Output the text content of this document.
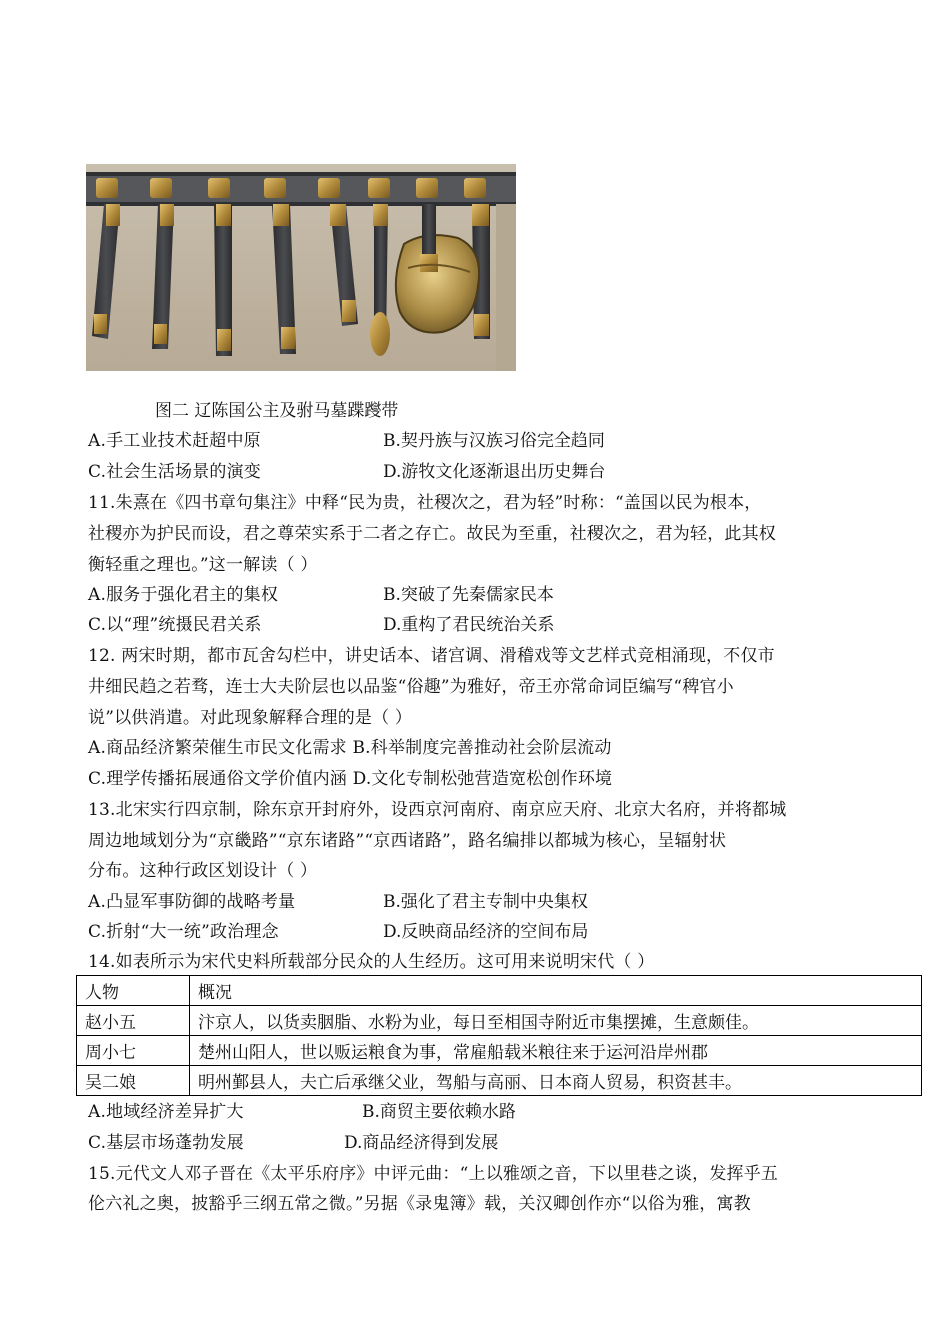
图二 辽陈国公主及驸马墓蹀躞带
A.手工业技术赶超中原	B.契丹族与汉族习俗完全趋同
C.社会生活场景的演变	D.游牧文化逐渐退出历史舞台
11.朱熹在《四书章句集注》中释“民为贵，社稷次之，君为轻”时称：“盖国以民为根本，
社稷亦为护民而设，君之尊荣实系于二者之存亡。故民为至重，社稷次之，君为轻，此其权
衡轻重之理也。”这一解读（ ）
A.服务于强化君主的集权	B.突破了先秦儒家民本
C.以“理”统摄民君关系	D.重构了君民统治关系
12. 两宋时期，都市瓦舍勾栏中，讲史话本、诸宫调、滑稽戏等文艺样式竞相涌现，不仅市
井细民趋之若骛，连士大夫阶层也以品鉴“俗趣”为雅好，帝王亦常命词臣编写“稗官小
说”以供消遣。对此现象解释合理的是（ ）
A.商品经济繁荣催生市民文化需求 B.科举制度完善推动社会阶层流动
C.理学传播拓展通俗文学价值内涵 D.文化专制松弛营造宽松创作环境
13.北宋实行四京制，除东京开封府外，设西京河南府、南京应天府、北京大名府，并将都城
周边地域划分为“京畿路”“京东诸路”“京西诸路”，路名编排以都城为核心，呈辐射状
分布。这种行政区划设计（ ）
A.凸显军事防御的战略考量	B.强化了君主专制中央集权
C.折射“大一统”政治理念	D.反映商品经济的空间布局
14.如表所示为宋代史料所载部分民众的人生经历。这可用来说明宋代（ ）
人物	概况
赵小五	汴京人，以货卖胭脂、水粉为业，每日至相国寺附近市集摆摊，生意颇佳。
周小七	楚州山阳人，世以贩运粮食为事，常雇船载米粮往来于运河沿岸州郡
吴二娘	明州鄞县人，夫亡后承继父业，驾船与高丽、日本商人贸易，积资甚丰。
A.地域经济差异扩大	B.商贸主要依赖水路
C.基层市场蓬勃发展	D.商品经济得到发展
15.元代文人邓子晋在《太平乐府序》中评元曲：“上以雅颂之音，下以里巷之谈，发挥乎五
伦六礼之奥，披豁乎三纲五常之微。”另据《录鬼簿》载，关汉卿创作亦“以俗为雅，寓教
